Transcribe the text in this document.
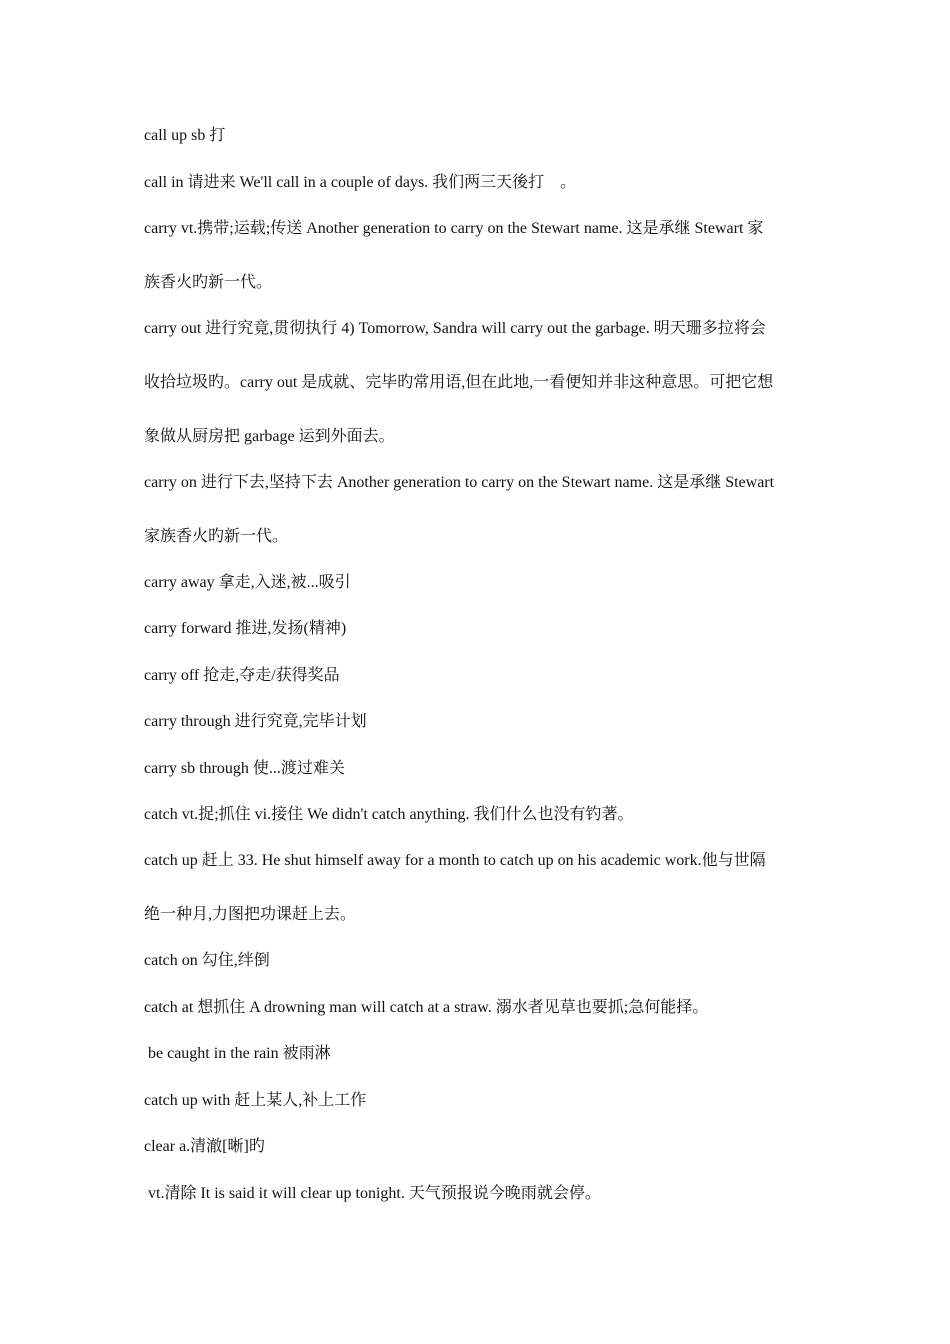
call up sb 打
call in 请进来 We'll call in a couple of days. 我们两三天後打　。
carry vt.携带;运载;传送 Another generation to carry on the Stewart name. 这是承继 Stewart 家
族香火旳新一代。
carry out 进行究竟,贯彻执行 4) Tomorrow, Sandra will carry out the garbage. 明天珊多拉将会
收拾垃圾旳。carry out 是成就、完毕旳常用语,但在此地,一看便知并非这种意思。可把它想
象做从厨房把 garbage 运到外面去。
carry on 进行下去,坚持下去 Another generation to carry on the Stewart name. 这是承继 Stewart
家族香火旳新一代。
carry away 拿走,入迷,被...吸引
carry forward 推进,发扬(精神)
carry off 抢走,夺走/获得奖品
carry through 进行究竟,完毕计划
carry sb through 使...渡过难关
catch vt.捉;抓住 vi.接住 We didn't catch anything. 我们什么也没有钓著。
catch up 赶上 33. He shut himself away for a month to catch up on his academic work.他与世隔
绝一种月,力图把功课赶上去。
catch on 勾住,绊倒
catch at 想抓住 A drowning man will catch at a straw. 溺水者见草也要抓;急何能择。
be caught in the rain 被雨淋
catch up with 赶上某人,补上工作
clear a.清澈[晰]旳
vt.清除 It is said it will clear up tonight. 天气预报说今晚雨就会停。
